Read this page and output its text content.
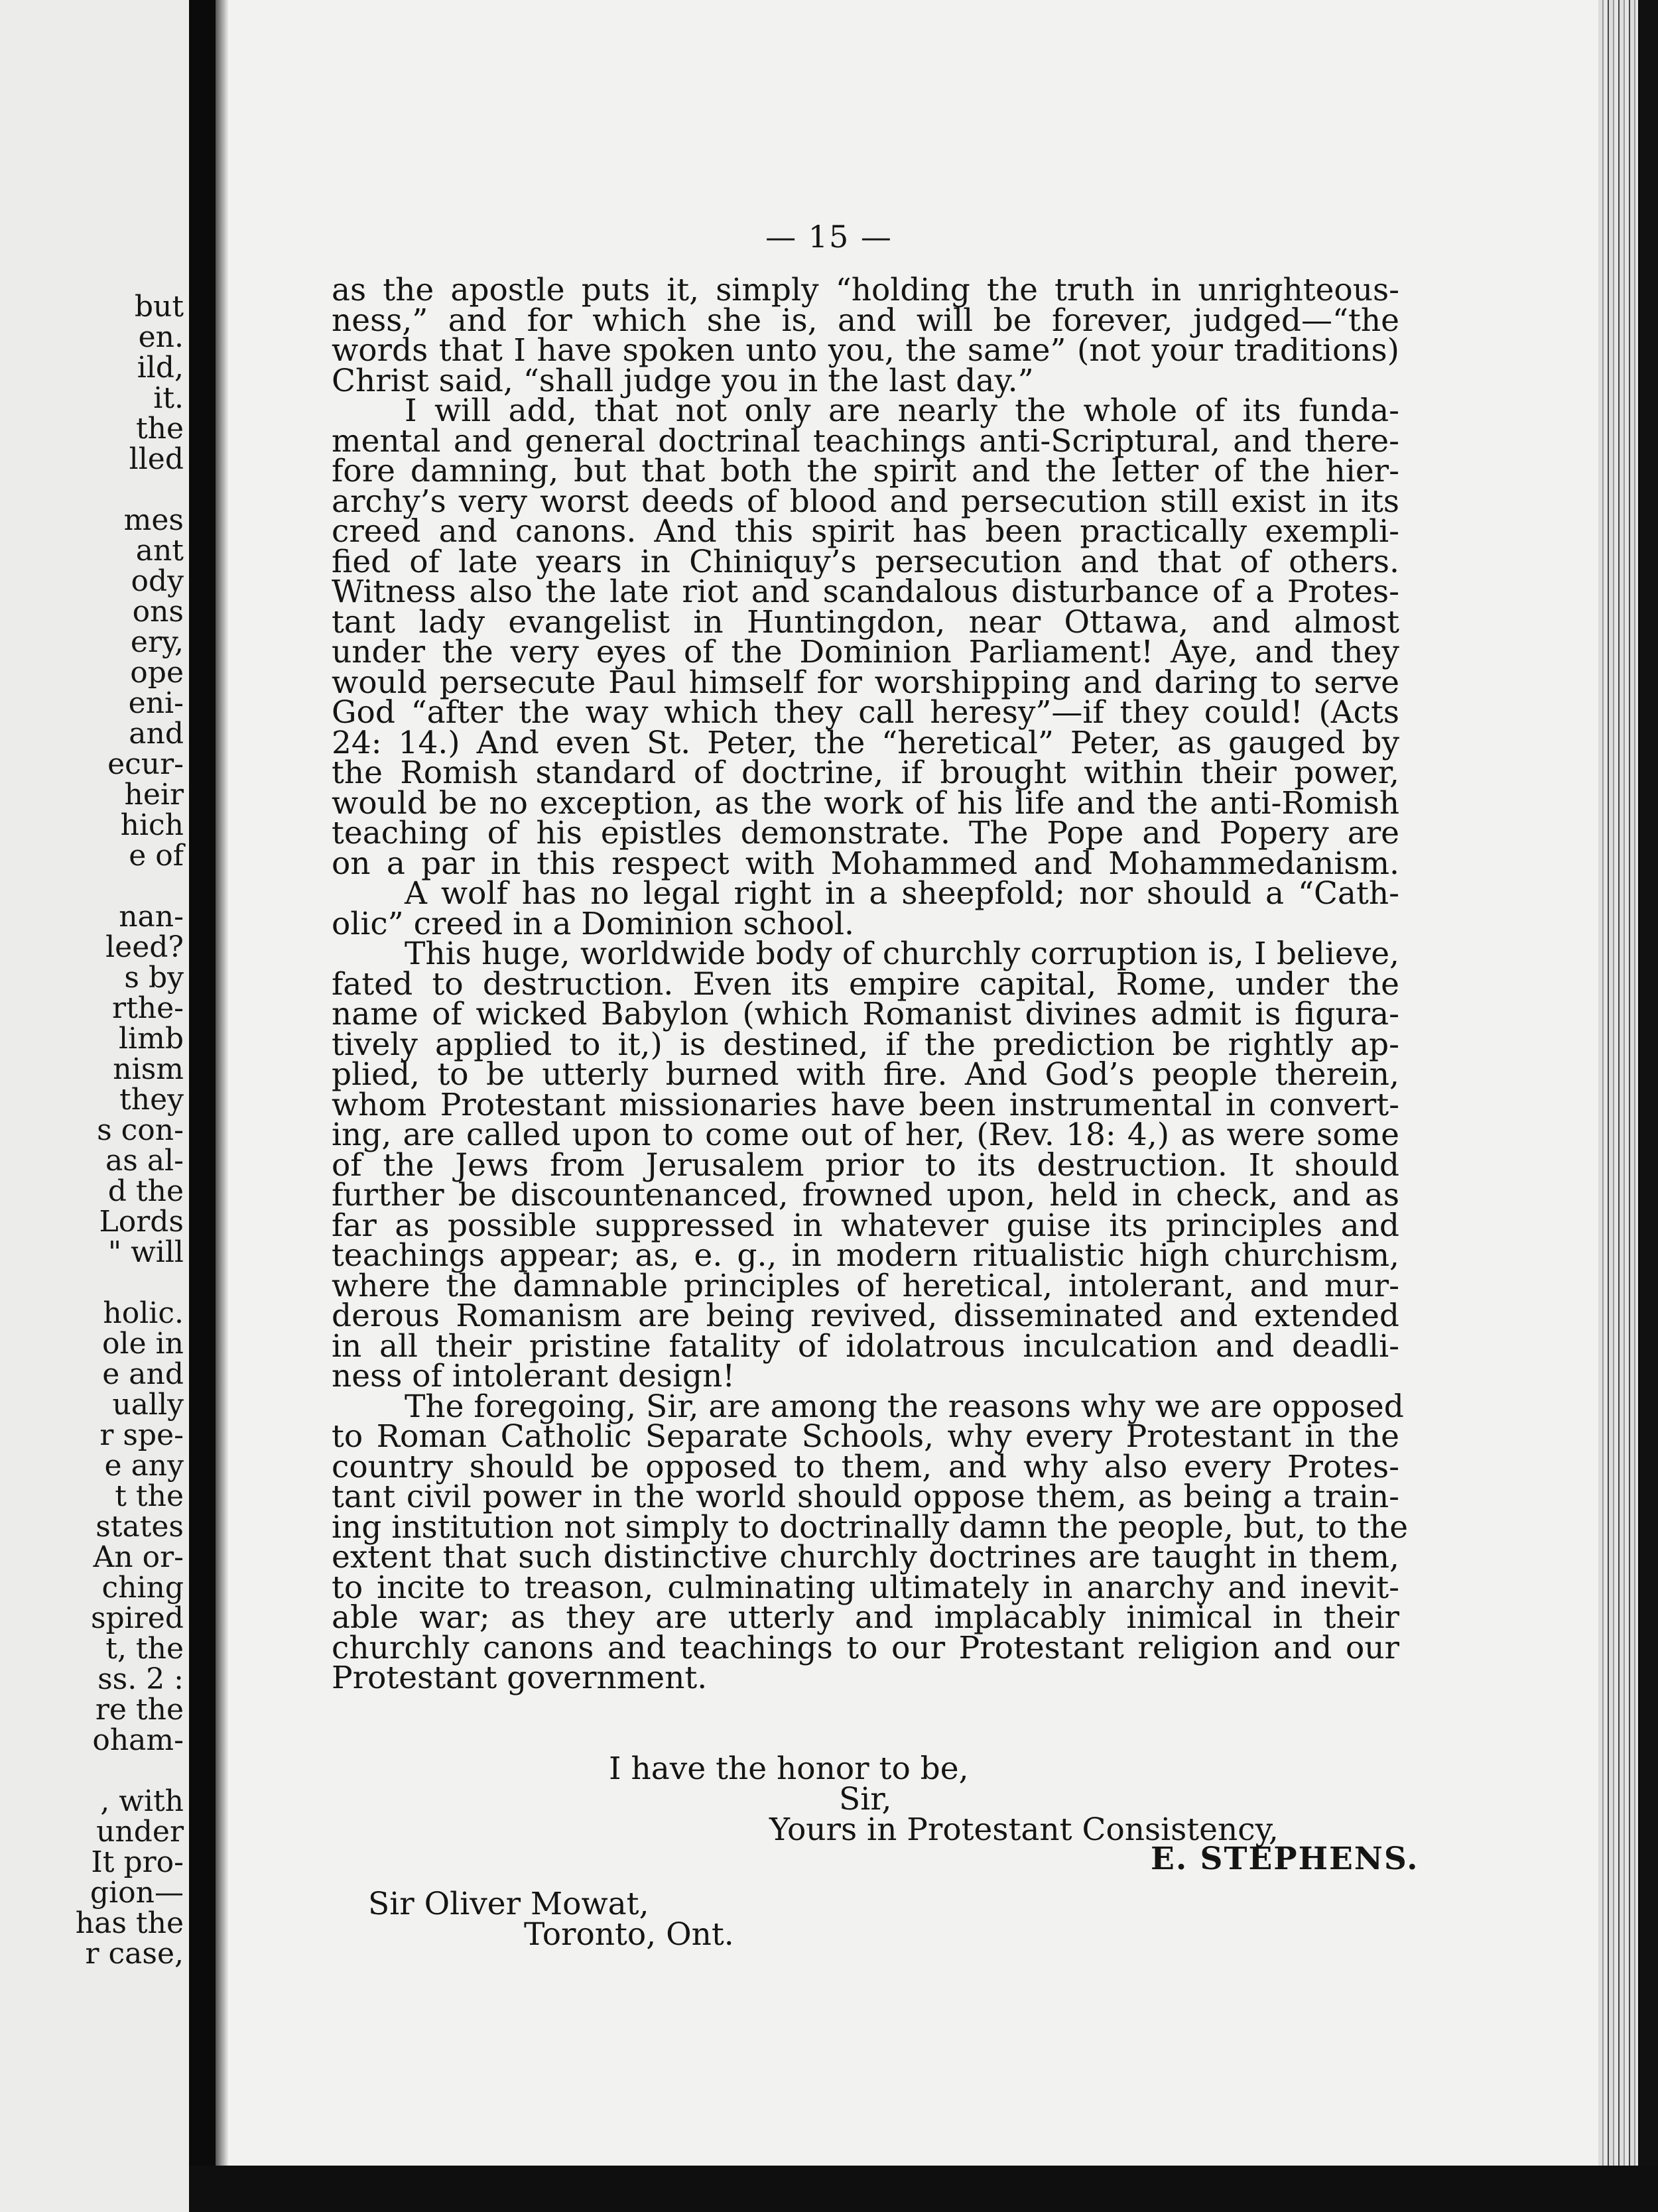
but
en.
ild,
it.
the
lled
mes
ant
ody
ons
ery,
ope
eni-
and
ecur-
heir
hich
e of
nan-
leed?
s by
rthe-
limb
nism
they
s con-
as al-
d the
Lords
" will
holic.
ole in
e and
ually
r spe-
e any
t the
states
An or-
ching
spired
t, the
ss. 2 :
re the
oham-
, with
under
It pro-
gion—
has the
r case,
— 15 —
as the apostle puts it, simply “holding the truth in unrighteous-
ness,” and for which she is, and will be forever, judged—“the
words that I have spoken unto you, the same” (not your traditions)
Christ said, “shall judge you in the last day.”
I will add, that not only are nearly the whole of its funda-
mental and general doctrinal teachings anti-Scriptural, and there-
fore damning, but that both the spirit and the letter of the hier-
archy’s very worst deeds of blood and persecution still exist in its
creed and canons. And this spirit has been practically exempli-
fied of late years in Chiniquy’s persecution and that of others.
Witness also the late riot and scandalous disturbance of a Protes-
tant lady evangelist in Huntingdon, near Ottawa, and almost
under the very eyes of the Dominion Parliament! Aye, and they
would persecute Paul himself for worshipping and daring to serve
God “after the way which they call heresy”—if they could! (Acts
24: 14.) And even St. Peter, the “heretical” Peter, as gauged by
the Romish standard of doctrine, if brought within their power,
would be no exception, as the work of his life and the anti-Romish
teaching of his epistles demonstrate. The Pope and Popery are
on a par in this respect with Mohammed and Mohammedanism.
A wolf has no legal right in a sheepfold; nor should a “Cath-
olic” creed in a Dominion school.
This huge, worldwide body of churchly corruption is, I believe,
fated to destruction. Even its empire capital, Rome, under the
name of wicked Babylon (which Romanist divines admit is figura-
tively applied to it,) is destined, if the prediction be rightly ap-
plied, to be utterly burned with fire. And God’s people therein,
whom Protestant missionaries have been instrumental in convert-
ing, are called upon to come out of her, (Rev. 18: 4,) as were some
of the Jews from Jerusalem prior to its destruction. It should
further be discountenanced, frowned upon, held in check, and as
far as possible suppressed in whatever guise its principles and
teachings appear; as, e. g., in modern ritualistic high churchism,
where the damnable principles of heretical, intolerant, and mur-
derous Romanism are being revived, disseminated and extended
in all their pristine fatality of idolatrous inculcation and deadli-
ness of intolerant design!
The foregoing, Sir, are among the reasons why we are opposed
to Roman Catholic Separate Schools, why every Protestant in the
country should be opposed to them, and why also every Protes-
tant civil power in the world should oppose them, as being a train-
ing institution not simply to doctrinally damn the people, but, to the
extent that such distinctive churchly doctrines are taught in them,
to incite to treason, culminating ultimately in anarchy and inevit-
able war; as they are utterly and implacably inimical in their
churchly canons and teachings to our Protestant religion and our
Protestant government.
I have the honor to be,
Sir,
Yours in Protestant Consistency,
E. STEPHENS.
Sir Oliver Mowat,
Toronto, Ont.
